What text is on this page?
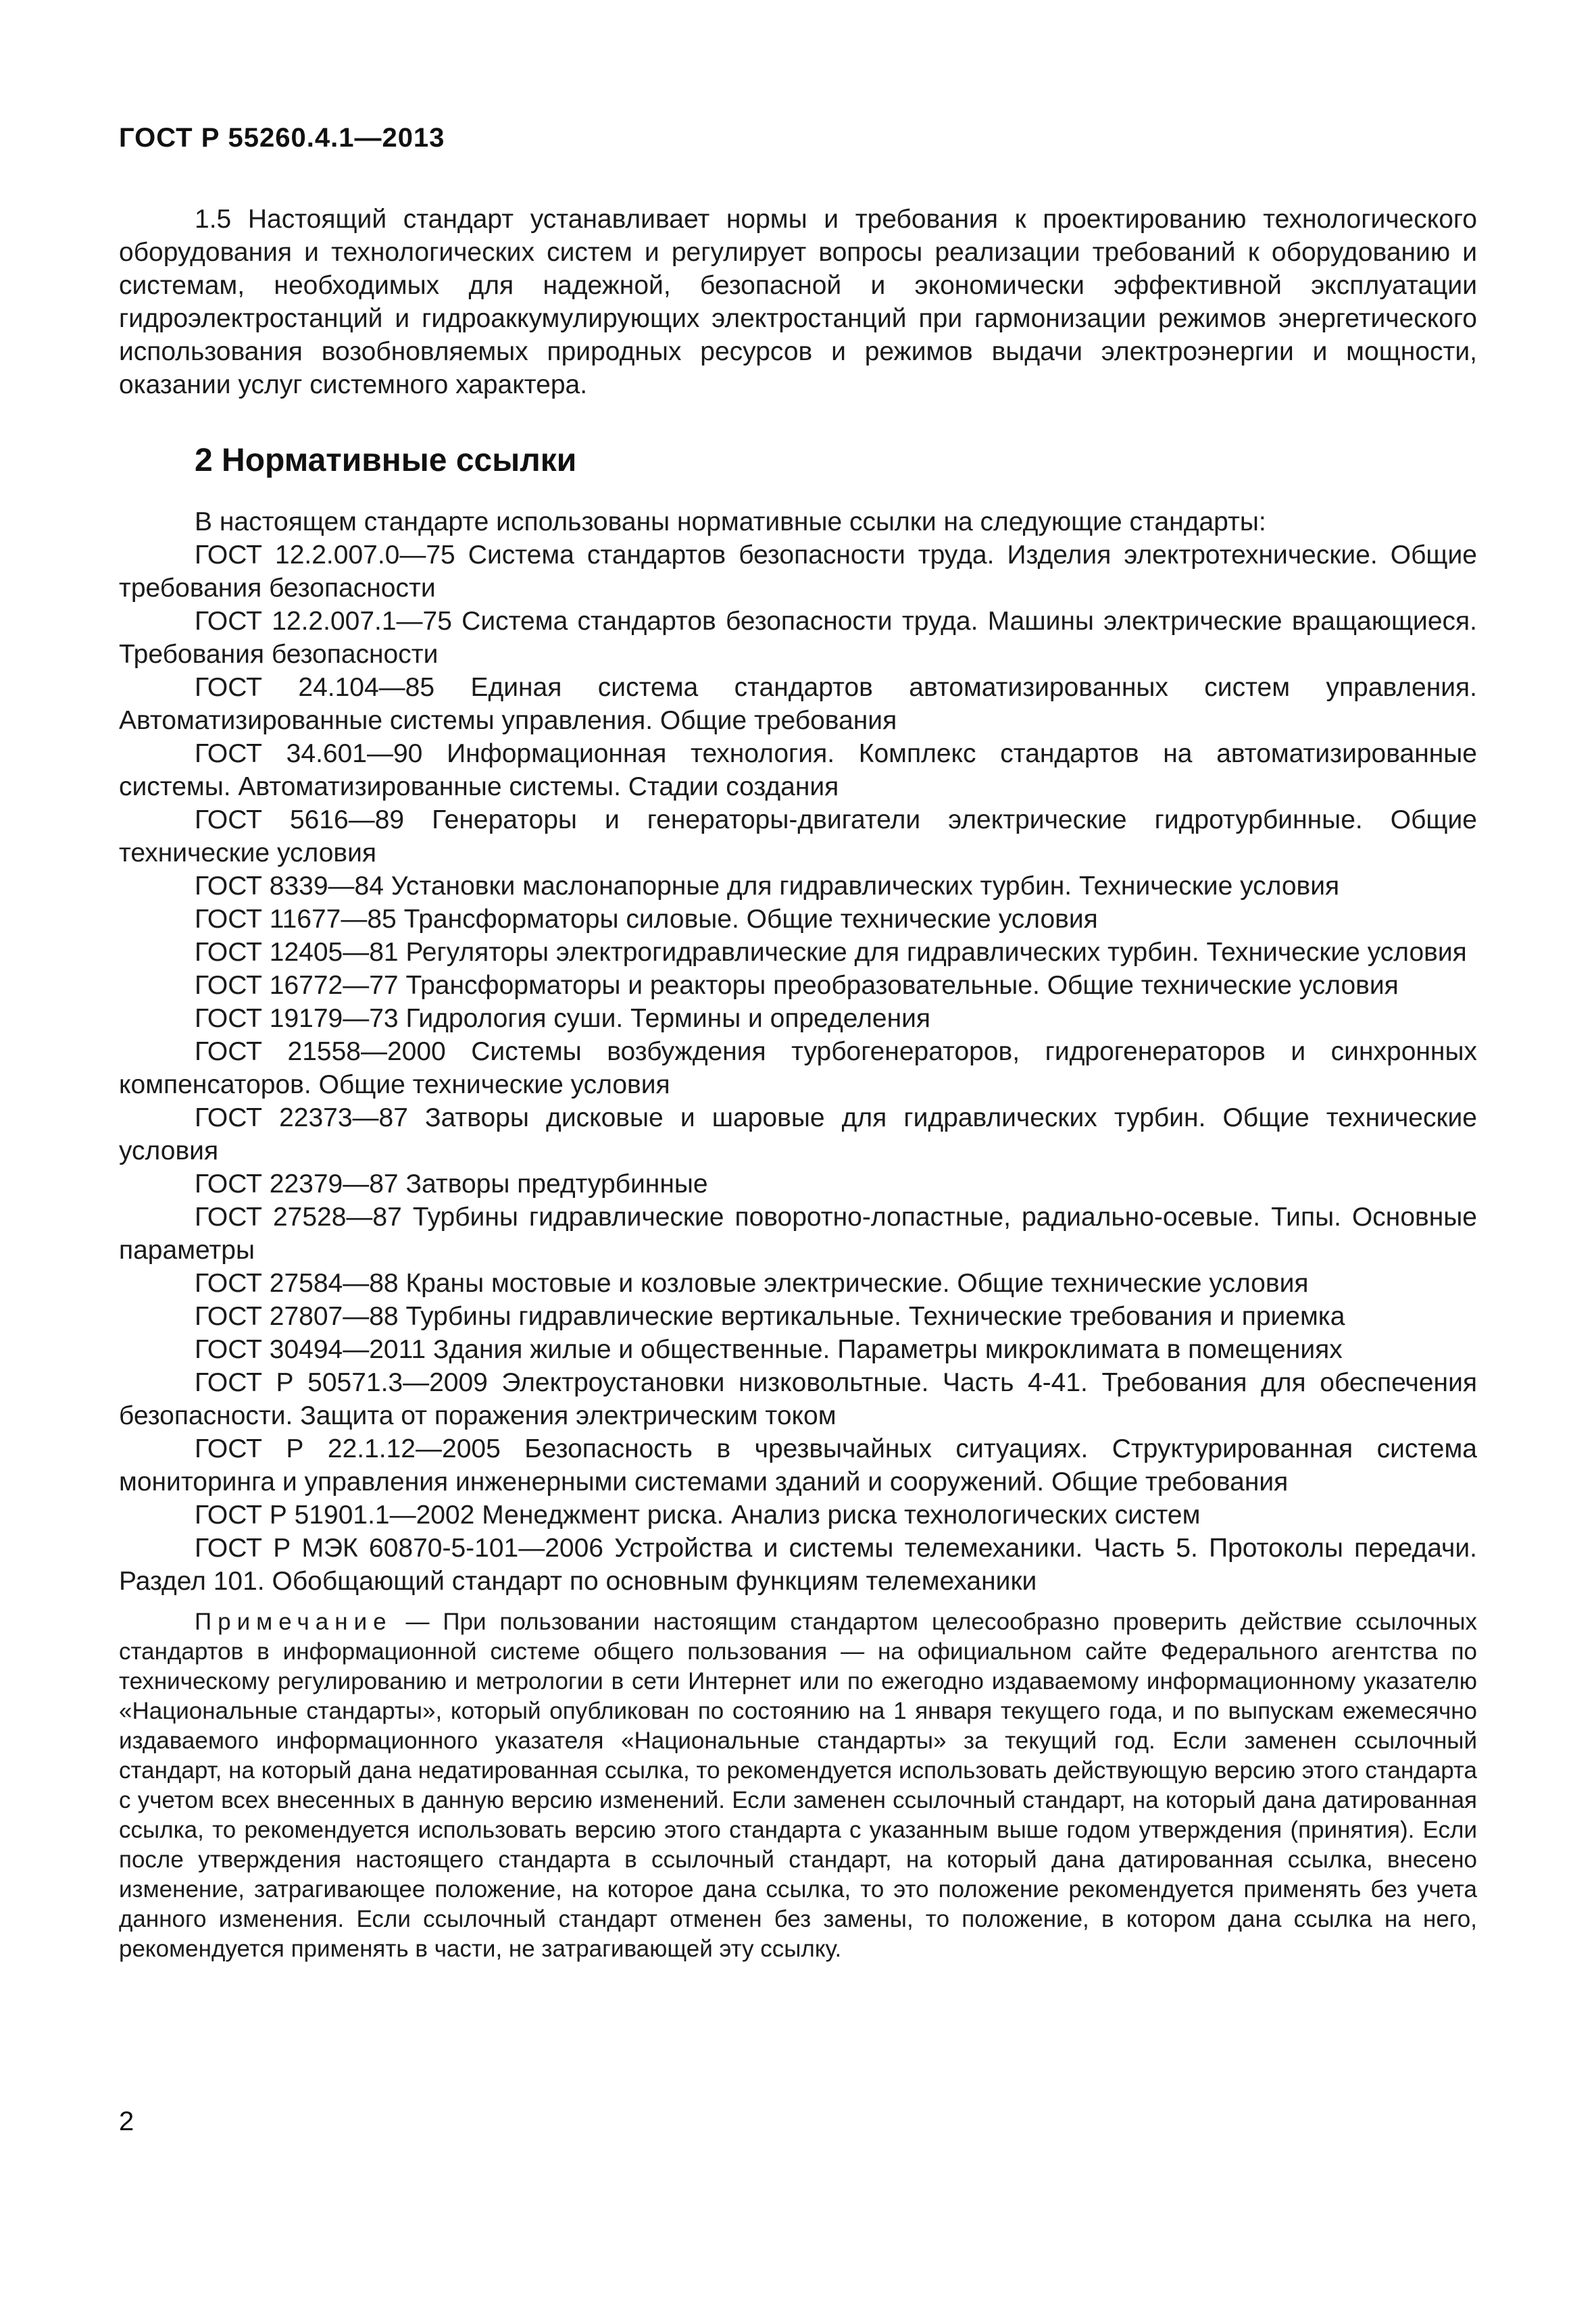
ГОСТ Р 55260.4.1—2013

1.5 Настоящий стандарт устанавливает нормы и требования к проектированию технологического оборудования и технологических систем и регулирует вопросы реализации требований к оборудованию и системам, необходимых для надежной, безопасной и экономически эффективной эксплуатации гидроэлектростанций и гидроаккумулирующих электростанций при гармонизации режимов энергетического использования возобновляемых природных ресурсов и режимов выдачи электроэнергии и мощности, оказании услуг системного характера.

2 Нормативные ссылки

В настоящем стандарте использованы нормативные ссылки на следующие стандарты:

ГОСТ 12.2.007.0—75 Система стандартов безопасности труда. Изделия электротехнические. Общие требования безопасности
ГОСТ 12.2.007.1—75 Система стандартов безопасности труда. Машины электрические вращающиеся. Требования безопасности
ГОСТ 24.104—85 Единая система стандартов автоматизированных систем управления. Автоматизированные системы управления. Общие требования
ГОСТ 34.601—90 Информационная технология. Комплекс стандартов на автоматизированные системы. Автоматизированные системы. Стадии создания
ГОСТ 5616—89 Генераторы и генераторы-двигатели электрические гидротурбинные. Общие технические условия
ГОСТ 8339—84 Установки маслонапорные для гидравлических турбин. Технические условия
ГОСТ 11677—85 Трансформаторы силовые. Общие технические условия
ГОСТ 12405—81 Регуляторы электрогидравлические для гидравлических турбин. Технические условия
ГОСТ 16772—77 Трансформаторы и реакторы преобразовательные. Общие технические условия
ГОСТ 19179—73 Гидрология суши. Термины и определения
ГОСТ 21558—2000 Системы возбуждения турбогенераторов, гидрогенераторов и синхронных компенсаторов. Общие технические условия
ГОСТ 22373—87 Затворы дисковые и шаровые для гидравлических турбин. Общие технические условия
ГОСТ 22379—87 Затворы предтурбинные
ГОСТ 27528—87 Турбины гидравлические поворотно-лопастные, радиально-осевые. Типы. Основные параметры
ГОСТ 27584—88 Краны мостовые и козловые электрические. Общие технические условия
ГОСТ 27807—88 Турбины гидравлические вертикальные. Технические требования и приемка
ГОСТ 30494—2011 Здания жилые и общественные. Параметры микроклимата в помещениях
ГОСТ Р 50571.3—2009 Электроустановки низковольтные. Часть 4-41. Требования для обеспечения безопасности. Защита от поражения электрическим током
ГОСТ Р 22.1.12—2005 Безопасность в чрезвычайных ситуациях. Структурированная система мониторинга и управления инженерными системами зданий и сооружений. Общие требования
ГОСТ Р 51901.1—2002 Менеджмент риска. Анализ риска технологических систем
ГОСТ Р МЭК 60870-5-101—2006 Устройства и системы телемеханики. Часть 5. Протоколы передачи. Раздел 101. Обобщающий стандарт по основным функциям телемеханики

Примечание — При пользовании настоящим стандартом целесообразно проверить действие ссылочных стандартов в информационной системе общего пользования — на официальном сайте Федерального агентства по техническому регулированию и метрологии в сети Интернет или по ежегодно издаваемому информационному указателю «Национальные стандарты», который опубликован по состоянию на 1 января текущего года, и по выпускам ежемесячно издаваемого информационного указателя «Национальные стандарты» за текущий год. Если заменен ссылочный стандарт, на который дана недатированная ссылка, то рекомендуется использовать действующую версию этого стандарта с учетом всех внесенных в данную версию изменений. Если заменен ссылочный стандарт, на который дана датированная ссылка, то рекомендуется использовать версию этого стандарта с указанным выше годом утверждения (принятия). Если после утверждения настоящего стандарта в ссылочный стандарт, на который дана датированная ссылка, внесено изменение, затрагивающее положение, на которое дана ссылка, то это положение рекомендуется применять без учета данного изменения. Если ссылочный стандарт отменен без замены, то положение, в котором дана ссылка на него, рекомендуется применять в части, не затрагивающей эту ссылку.

2
